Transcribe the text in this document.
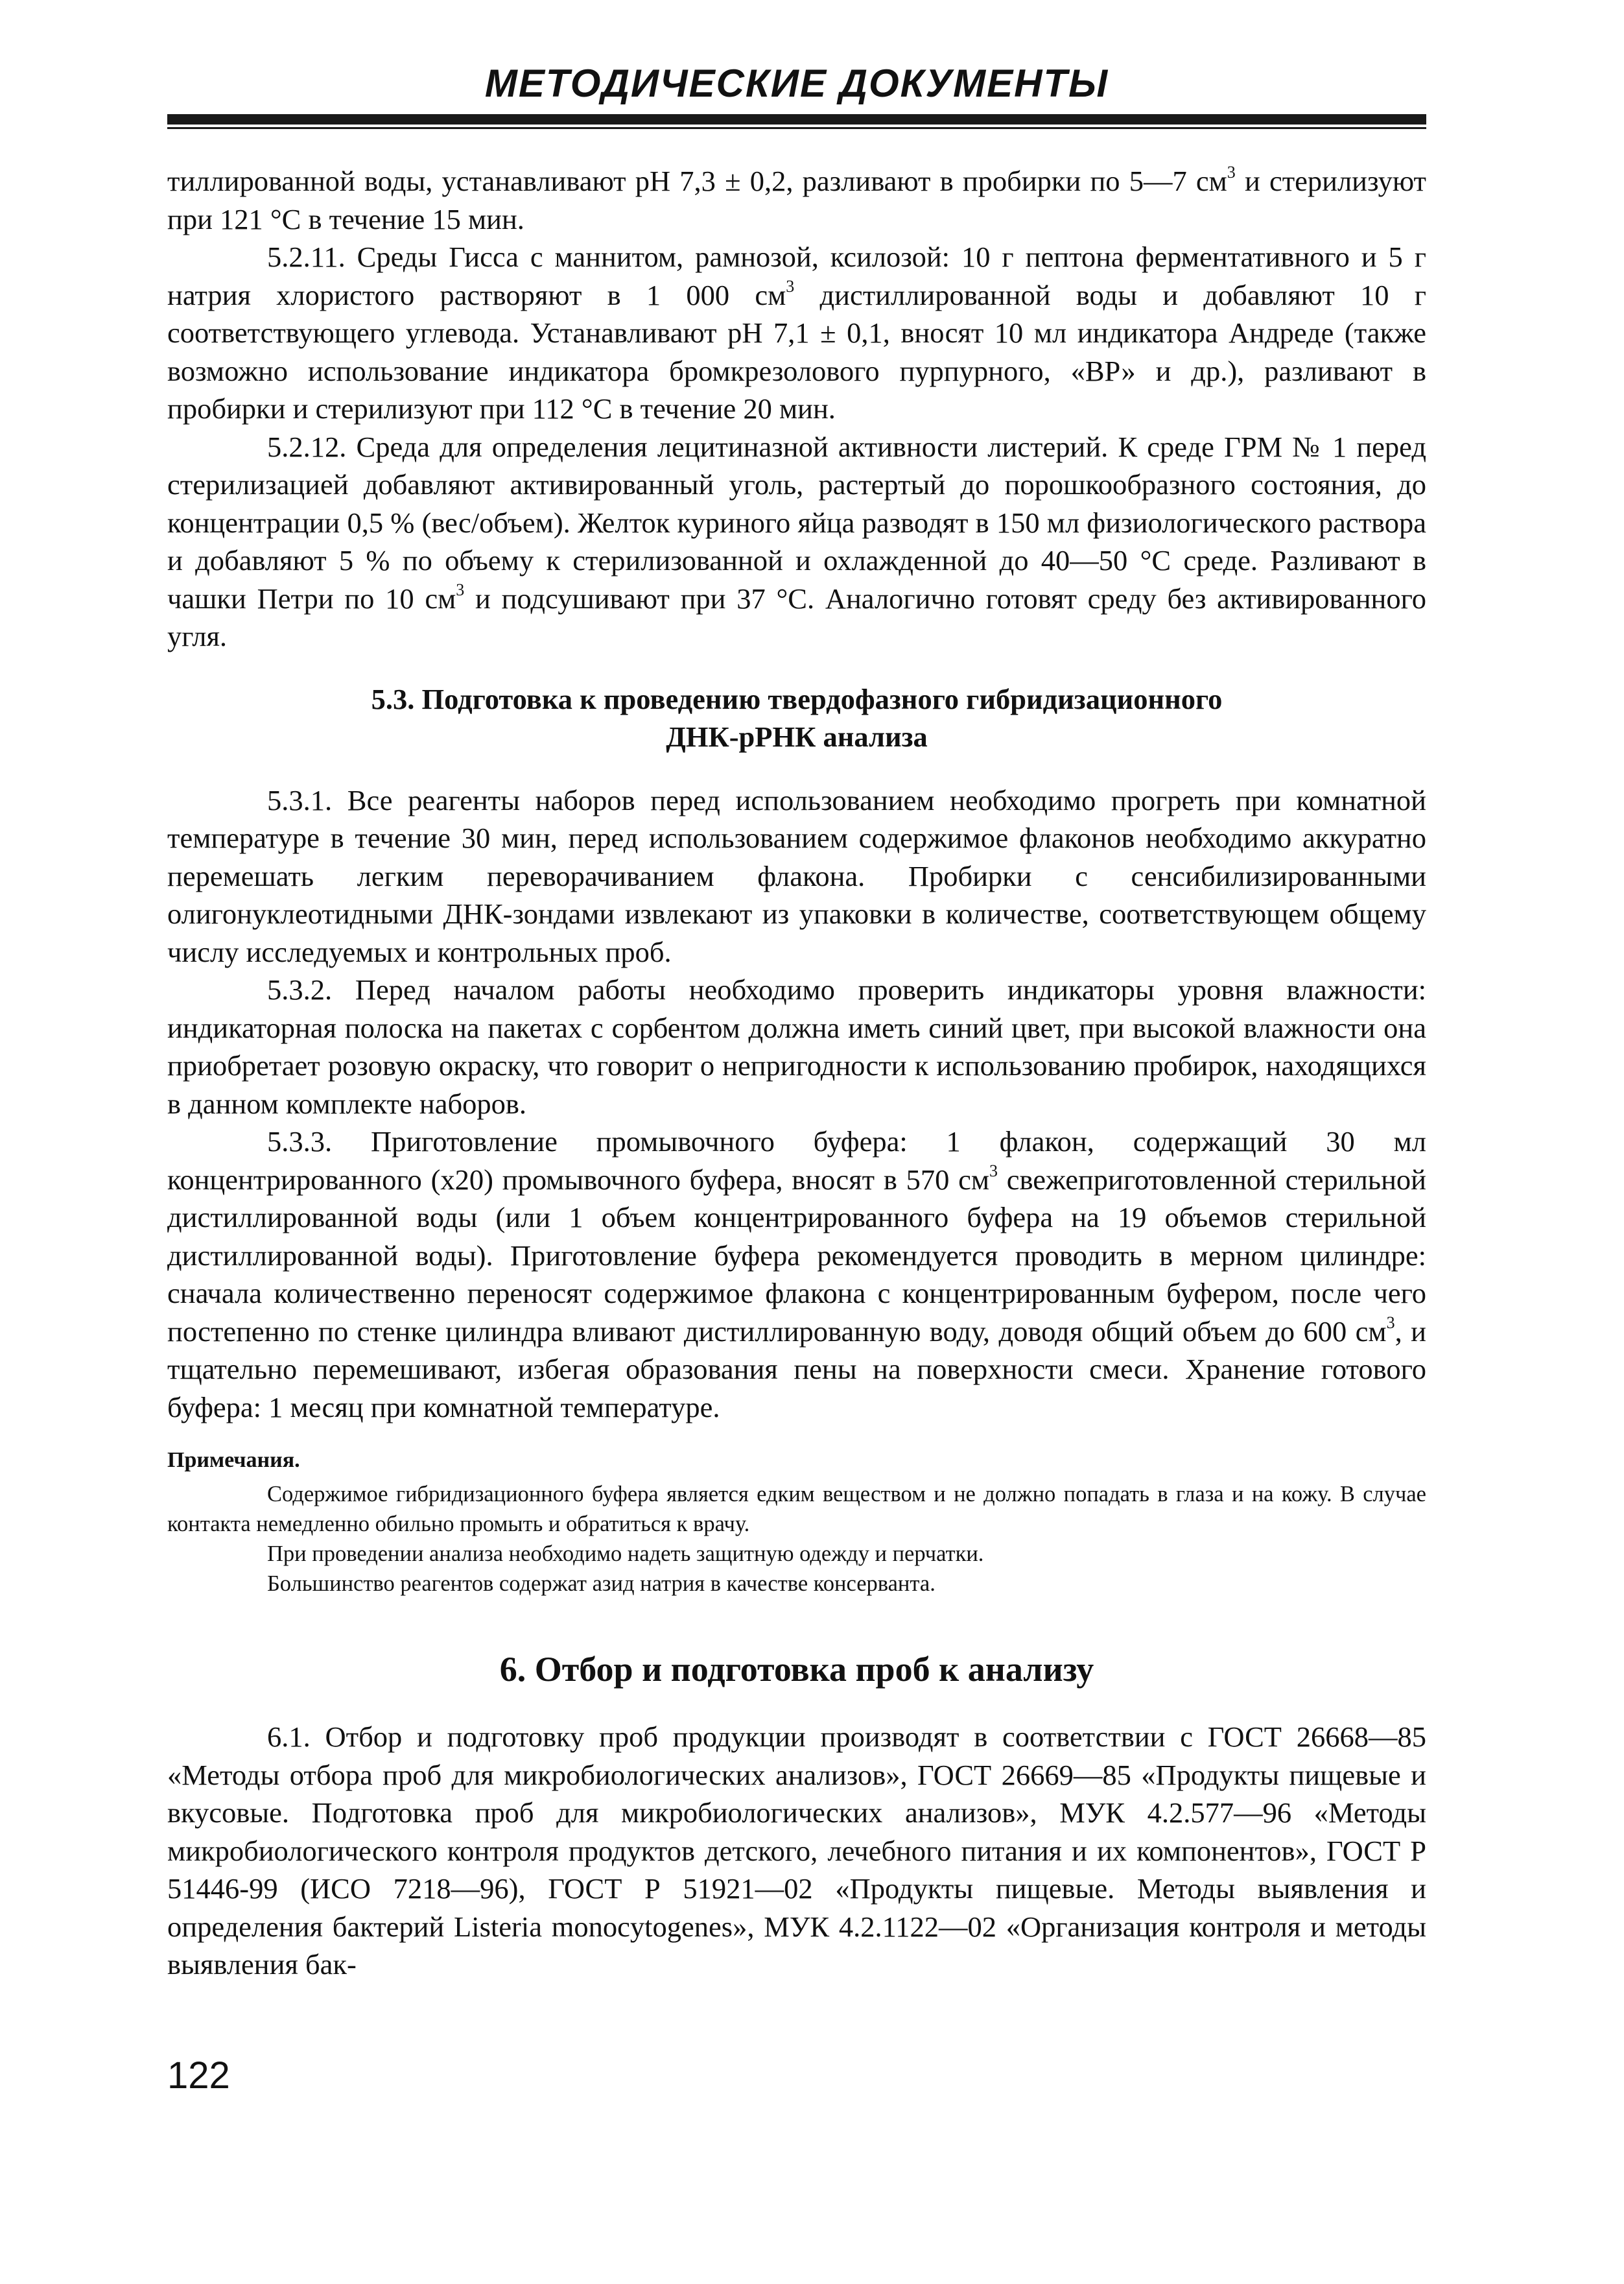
МЕТОДИЧЕСКИЕ ДОКУМЕНТЫ

тиллированной воды, устанавливают pH 7,3 ± 0,2, разливают в пробирки по 5—7 $см^3$ и стерилизуют при 121 °С в течение 15 мин.

5.2.11. Среды Гисса с маннитом, рамнозой, ксилозой: 10 г пептона ферментативного и 5 г натрия хлористого растворяют в 1 000 $см^3$ дистиллированной воды и добавляют 10 г соответствующего углевода. Устанавливают pH 7,1 ± 0,1, вносят 10 мл индикатора Андреде (также возможно использование индикатора бромкрезолового пурпурного, «ВР» и др.), разливают в пробирки и стерилизуют при 112 °С в течение 20 мин.

5.2.12. Среда для определения лецитиназной активности листерий. К среде ГРМ № 1 перед стерилизацией добавляют активированный уголь, растертый до порошкообразного состояния, до концентрации 0,5 % (вес/объем). Желток куриного яйца разводят в 150 мл физиологического раствора и добавляют 5 % по объему к стерилизованной и охлажденной до 40—50 °С среде. Разливают в чашки Петри по 10 $см^3$ и подсушивают при 37 °С. Аналогично готовят среду без активированного угля.

5.3. Подготовка к проведению твердофазного гибридизационного
ДНК-рРНК анализа

5.3.1. Все реагенты наборов перед использованием необходимо прогреть при комнатной температуре в течение 30 мин, перед использованием содержимое флаконов необходимо аккуратно перемешать легким переворачиванием флакона. Пробирки с сенсибилизированными олигонуклеотидными ДНК-зондами извлекают из упаковки в количестве, соответствующем общему числу исследуемых и контрольных проб.

5.3.2. Перед началом работы необходимо проверить индикаторы уровня влажности: индикаторная полоска на пакетах с сорбентом должна иметь синий цвет, при высокой влажности она приобретает розовую окраску, что говорит о непригодности к использованию пробирок, находящихся в данном комплекте наборов.

5.3.3. Приготовление промывочного буфера: 1 флакон, содержащий 30 мл концентрированного (х20) промывочного буфера, вносят в 570 $см^3$ свежеприготовленной стерильной дистиллированной воды (или 1 объем концентрированного буфера на 19 объемов стерильной дистиллированной воды). Приготовление буфера рекомендуется проводить в мерном цилиндре: сначала количественно переносят содержимое флакона с концентрированным буфером, после чего постепенно по стенке цилиндра вливают дистиллированную воду, доводя общий объем до 600 $см^3$, и тщательно перемешивают, избегая образования пены на поверхности смеси. Хранение готового буфера: 1 месяц при комнатной температуре.

Примечания.

Содержимое гибридизационного буфера является едким веществом и не должно попадать в глаза и на кожу. В случае контакта немедленно обильно промыть и обратиться к врачу.

При проведении анализа необходимо надеть защитную одежду и перчатки.

Большинство реагентов содержат азид натрия в качестве консерванта.

6. Отбор и подготовка проб к анализу

6.1. Отбор и подготовку проб продукции производят в соответствии с ГОСТ 26668—85 «Методы отбора проб для микробиологических анализов», ГОСТ 26669—85 «Продукты пищевые и вкусовые. Подготовка проб для микробиологических анализов», МУК 4.2.577—96 «Методы микробиологического контроля продуктов детского, лечебного питания и их компонентов», ГОСТ Р 51446-99 (ИСО 7218—96), ГОСТ Р 51921—02 «Продукты пищевые. Методы выявления и определения бактерий Listeria monocytogenes», МУК 4.2.1122—02 «Организация контроля и методы выявления бак-

122
